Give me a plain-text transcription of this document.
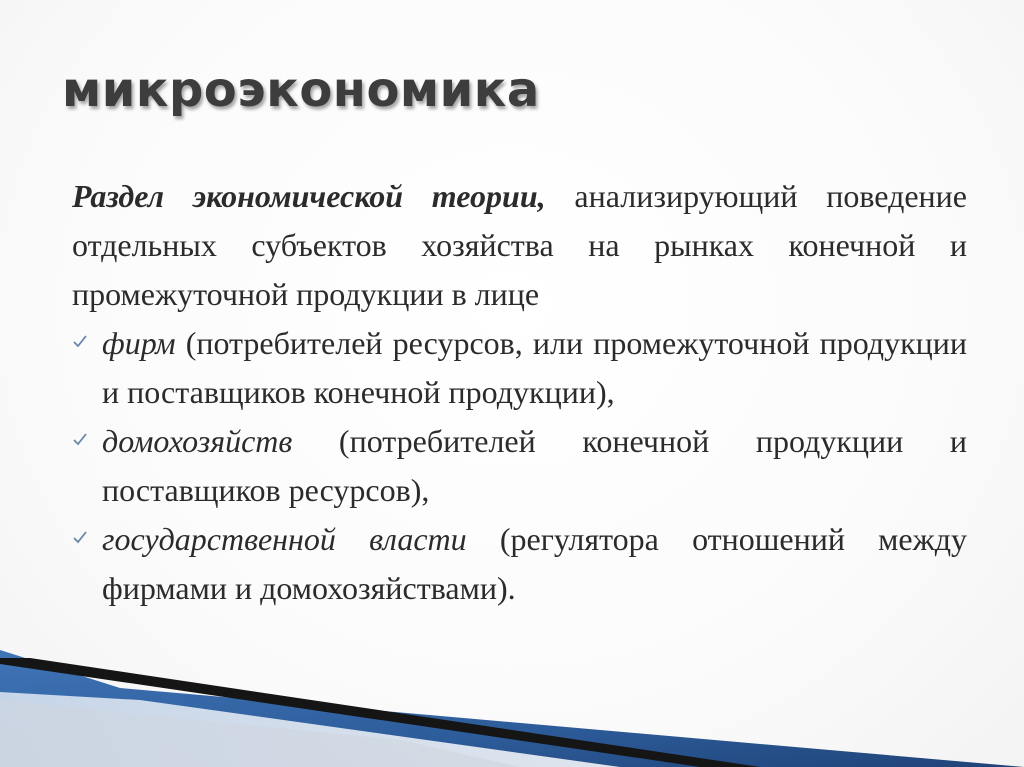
микроэкономика

Раздел экономической теории, анализирующий поведение отдельных субъектов хозяйства на рынках конечной и промежуточной продукции в лице

фирм (потребителей ресурсов, или промежуточной продукции и поставщиков конечной продукции),

домохозяйств (потребителей конечной продукции и поставщиков ресурсов),

государственной власти (регулятора отношений между фирмами и домохозяйствами).
